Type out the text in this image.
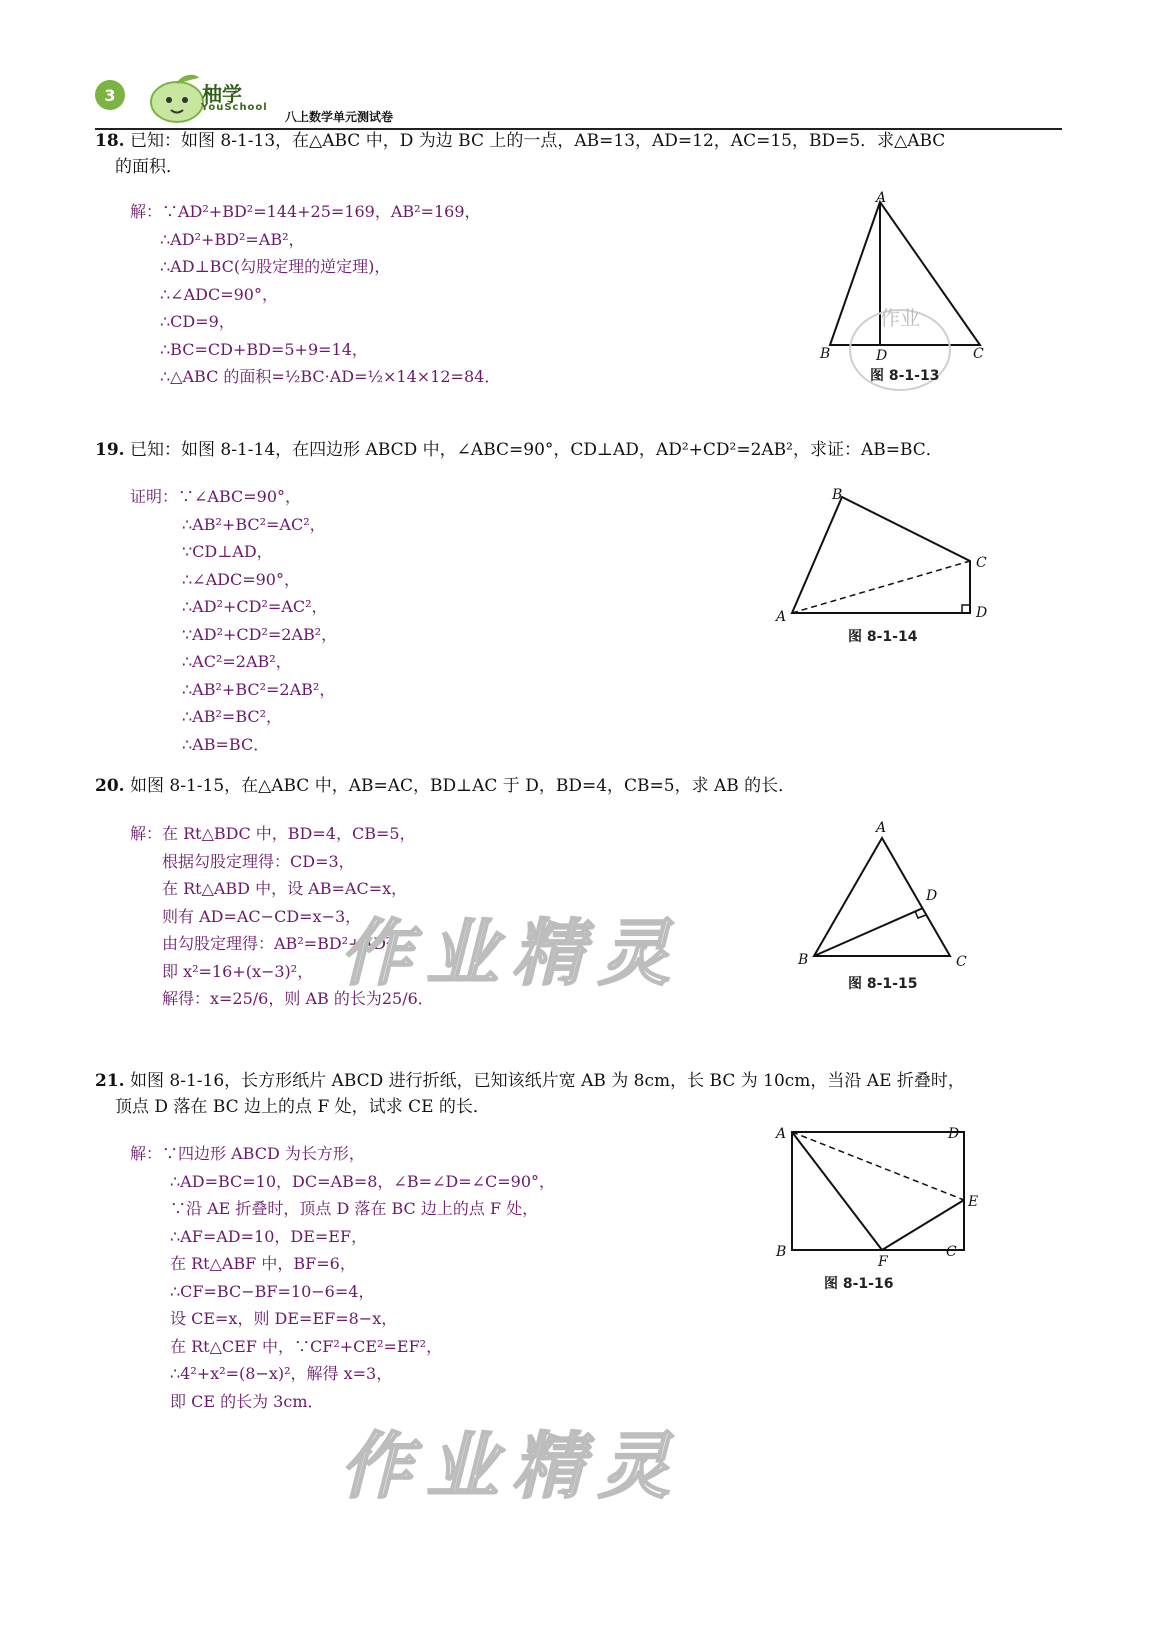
3	柚学
YouSchool
八上数学单元测试卷
18. 已知：如图 8-1-13，在△ABC 中，D 为边 BC 上的一点，AB=13，AD=12，AC=15，BD=5．求△ABC
的面积．
解：∵AD²+BD²=144+25=169，AB²=169，
∴AD²+BD²=AB²，
∴AD⊥BC(勾股定理的逆定理)，
∴∠ADC=90°，
∴CD=9，
∴BC=CD+BD=5+9=14，
∴△ABC 的面积=½BC·AD=½×14×12=84．
A
B	D	C
作业
图 8-1-13
19. 已知：如图 8-1-14，在四边形 ABCD 中，∠ABC=90°，CD⊥AD，AD²+CD²=2AB²，求证：AB=BC．
证明：∵∠ABC=90°，
∴AB²+BC²=AC²，
∵CD⊥AD，
∴∠ADC=90°，
∴AD²+CD²=AC²，
∵AD²+CD²=2AB²，
∴AC²=2AB²，
∴AB²+BC²=2AB²，
∴AB²=BC²，
∴AB=BC．
B
C
A	D
图 8-1-14
20. 如图 8-1-15，在△ABC 中，AB=AC，BD⊥AC 于 D，BD=4，CB=5，求 AB 的长．
解：在 Rt△BDC 中，BD=4，CB=5，
根据勾股定理得：CD=3，
在 Rt△ABD 中，设 AB=AC=x，
则有 AD=AC−CD=x−3，
由勾股定理得：AB²=BD²+AD²，
即 x²=16+(x−3)²，
解得：x=25/6，则 AB 的长为25/6．
A
D
B	C
图 8-1-15
21. 如图 8-1-16，长方形纸片 ABCD 进行折纸，已知该纸片宽 AB 为 8cm，长 BC 为 10cm，当沿 AE 折叠时，
顶点 D 落在 BC 边上的点 F 处，试求 CE 的长．
解：∵四边形 ABCD 为长方形，
∴AD=BC=10，DC=AB=8，∠B=∠D=∠C=90°，
∵沿 AE 折叠时，顶点 D 落在 BC 边上的点 F 处，
∴AF=AD=10，DE=EF，
在 Rt△ABF 中，BF=6，
∴CF=BC−BF=10−6=4，
设 CE=x，则 DE=EF=8−x，
在 Rt△CEF 中，∵CF²+CE²=EF²，
∴4²+x²=(8−x)²，解得 x=3，
即 CE 的长为 3cm．
A	D
E
B
F
C
图 8-1-16
作业精灵
作业精灵
